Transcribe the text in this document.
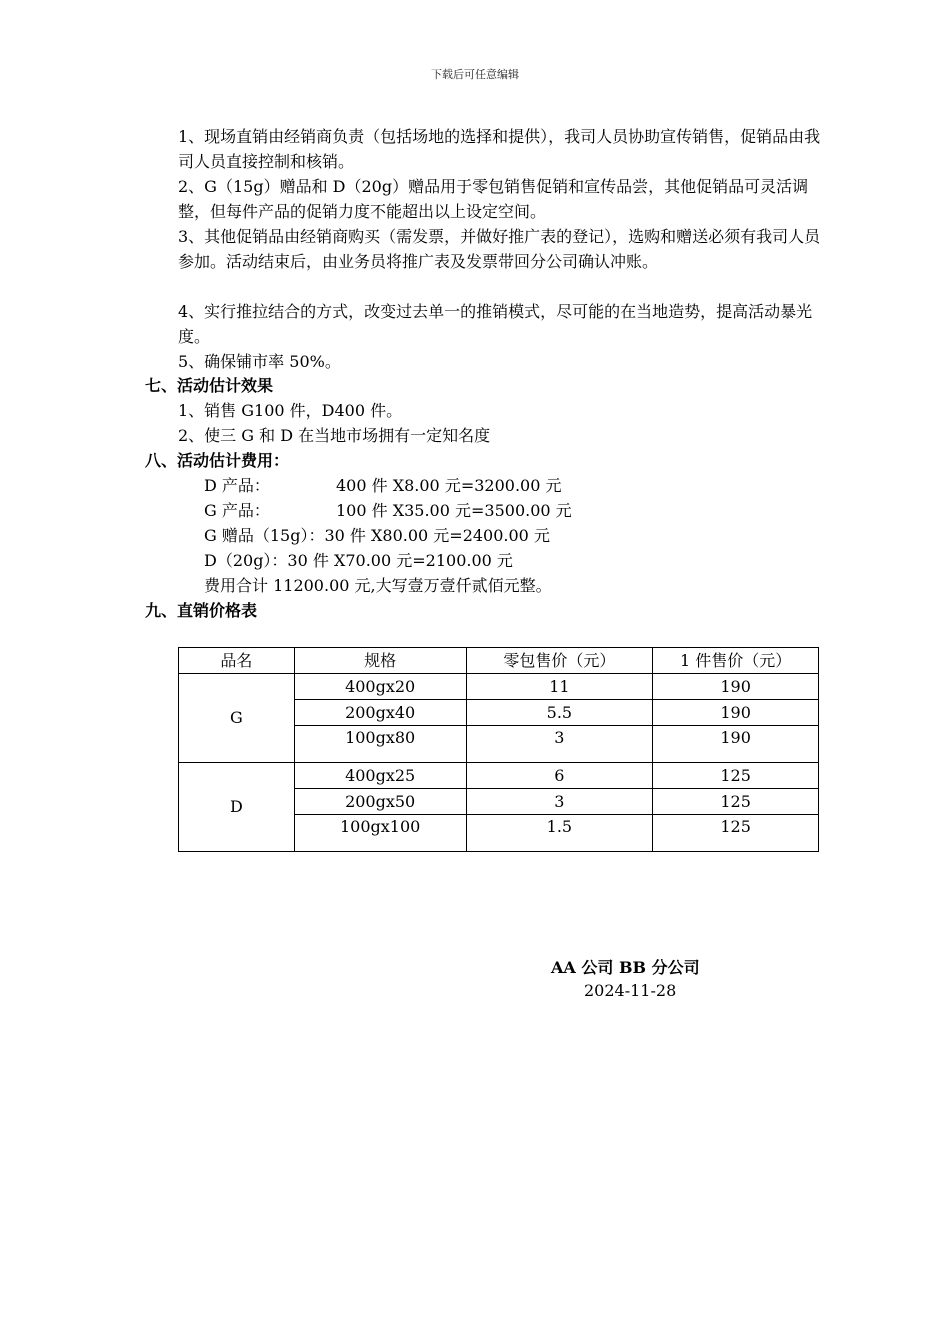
下载后可任意编辑

1、现场直销由经销商负责（包括场地的选择和提供），我司人员协助宣传销售，促销品由我司人员直接控制和核销。

2、G（15g）赠品和 D（20g）赠品用于零包销售促销和宣传品尝，其他促销品可灵活调整，但每件产品的促销力度不能超出以上设定空间。

3、其他促销品由经销商购买（需发票，并做好推广表的登记），选购和赠送必须有我司人员参加。活动结束后，由业务员将推广表及发票带回分公司确认冲账。

4、实行推拉结合的方式，改变过去单一的推销模式，尽可能的在当地造势，提高活动暴光度。

5、确保铺市率 50%。

七、活动估计效果
1、销售 G100 件，D400 件。
2、使三 G 和 D 在当地市场拥有一定知名度
八、活动估计费用：
D 产品：	400 件 X8.00 元=3200.00 元
G 产品：	100 件 X35.00 元=3500.00 元
G 赠品（15g）：30 件 X80.00 元=2400.00 元
D（20g）：30 件 X70.00 元=2100.00 元
费用合计 11200.00 元,大写壹万壹仟贰佰元整。
九、直销价格表
品名	规格	零包售价（元）	1 件售价（元）
G	400gx20	11	190
	200gx40	5.5	190
	100gx80	3	190
D	400gx25	6	125
	200gx50	3	125
	100gx100	1.5	125
AA 公司 BB 分公司
2024-11-28
